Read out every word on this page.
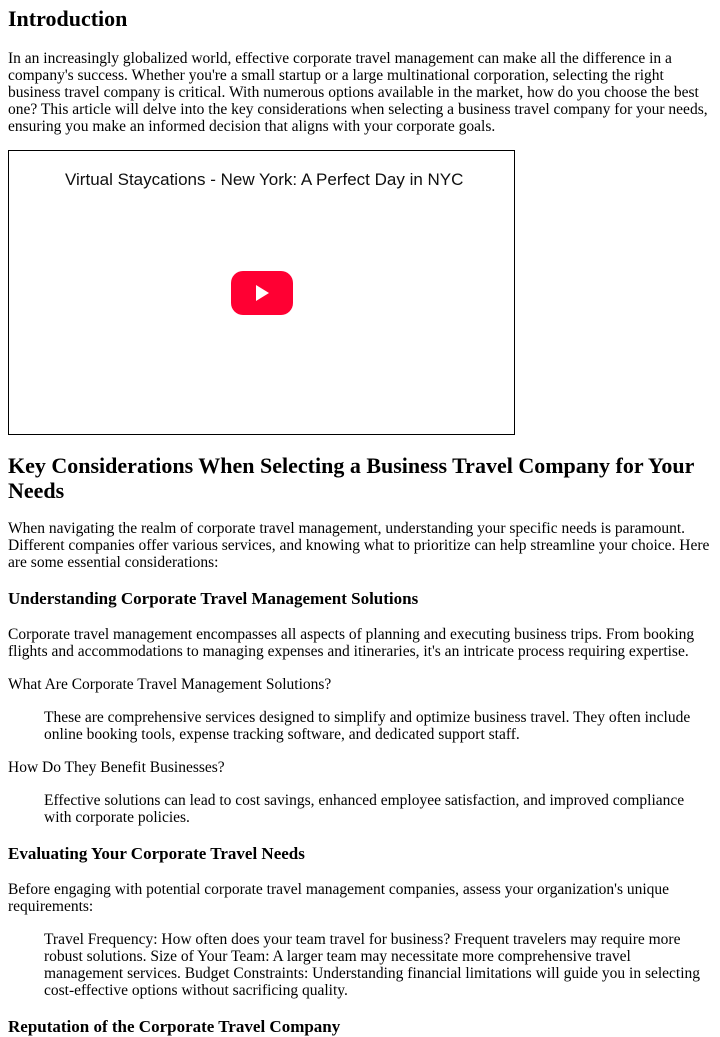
Introduction

In an increasingly globalized world, effective corporate travel management can make all the difference in a company's success. Whether you're a small startup or a large multinational corporation, selecting the right business travel company is critical. With numerous options available in the market, how do you choose the best one? This article will delve into the key considerations when selecting a business travel company for your needs, ensuring you make an informed decision that aligns with your corporate goals.

Virtual Staycations - New York: A Perfect Day in NYC
Key Considerations When Selecting a Business Travel Company for Your Needs

When navigating the realm of corporate travel management, understanding your specific needs is paramount. Different companies offer various services, and knowing what to prioritize can help streamline your choice. Here are some essential considerations:

Understanding Corporate Travel Management Solutions

Corporate travel management encompasses all aspects of planning and executing business trips. From booking flights and accommodations to managing expenses and itineraries, it's an intricate process requiring expertise.

What Are Corporate Travel Management Solutions?

These are comprehensive services designed to simplify and optimize business travel. They often include online booking tools, expense tracking software, and dedicated support staff.

How Do They Benefit Businesses?

Effective solutions can lead to cost savings, enhanced employee satisfaction, and improved compliance with corporate policies.
Evaluating Your Corporate Travel Needs

Before engaging with potential corporate travel management companies, assess your organization's unique requirements:

Travel Frequency: How often does your team travel for business? Frequent travelers may require more robust solutions. Size of Your Team: A larger team may necessitate more comprehensive travel management services. Budget Constraints: Understanding financial limitations will guide you in selecting cost-effective options without sacrificing quality.
Reputation of the Corporate Travel Company
